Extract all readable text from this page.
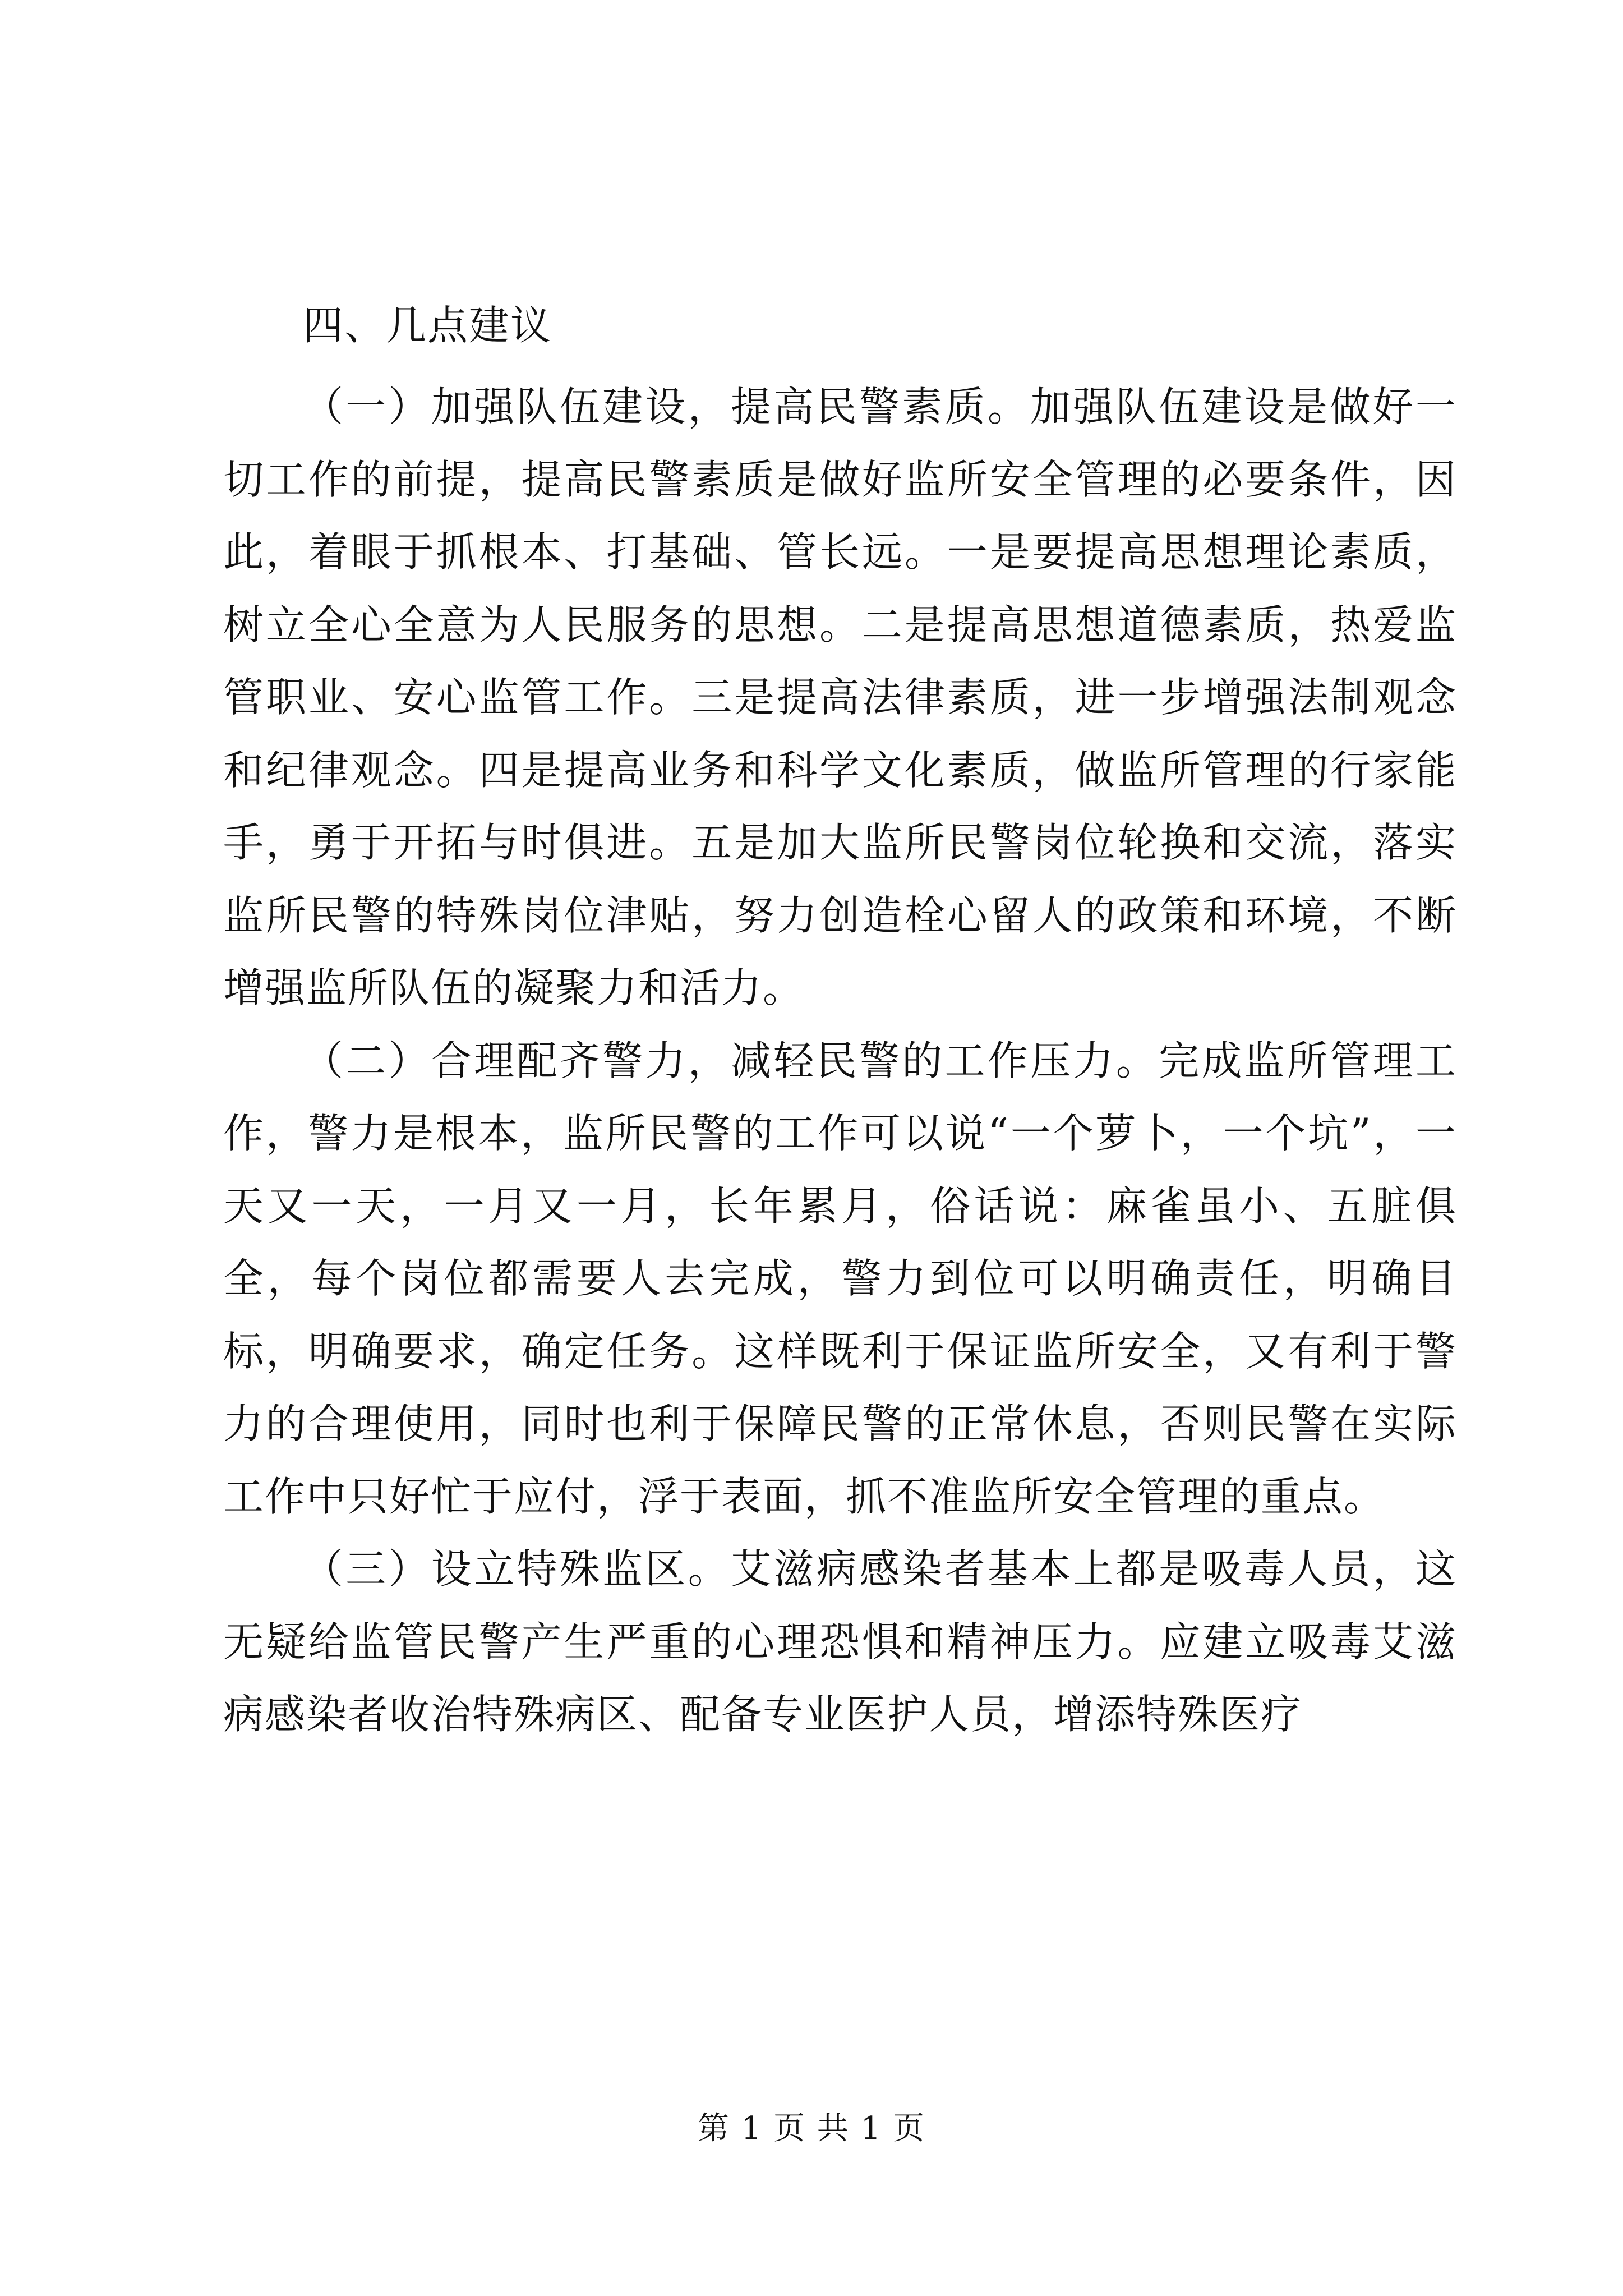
四、几点建议

（一）加强队伍建设，提高民警素质。加强队伍建设是做好一切工作的前提，提高民警素质是做好监所安全管理的必要条件，因此，着眼于抓根本、打基础、管长远。一是要提高思想理论素质，树立全心全意为人民服务的思想。二是提高思想道德素质，热爱监管职业、安心监管工作。三是提高法律素质，进一步增强法制观念和纪律观念。四是提高业务和科学文化素质，做监所管理的行家能手，勇于开拓与时俱进。五是加大监所民警岗位轮换和交流，落实监所民警的特殊岗位津贴，努力创造栓心留人的政策和环境，不断增强监所队伍的凝聚力和活力。

（二）合理配齐警力，减轻民警的工作压力。完成监所管理工作，警力是根本，监所民警的工作可以说“一个萝卜，一个坑”，一天又一天，一月又一月，长年累月，俗话说：麻雀虽小、五脏俱全，每个岗位都需要人去完成，警力到位可以明确责任，明确目标，明确要求，确定任务。这样既利于保证监所安全，又有利于警力的合理使用，同时也利于保障民警的正常休息，否则民警在实际工作中只好忙于应付，浮于表面，抓不准监所安全管理的重点。

（三）设立特殊监区。艾滋病感染者基本上都是吸毒人员，这无疑给监管民警产生严重的心理恐惧和精神压力。应建立吸毒艾滋病感染者收治特殊病区、配备专业医护人员，增添特殊医疗

第 1 页 共 1 页
